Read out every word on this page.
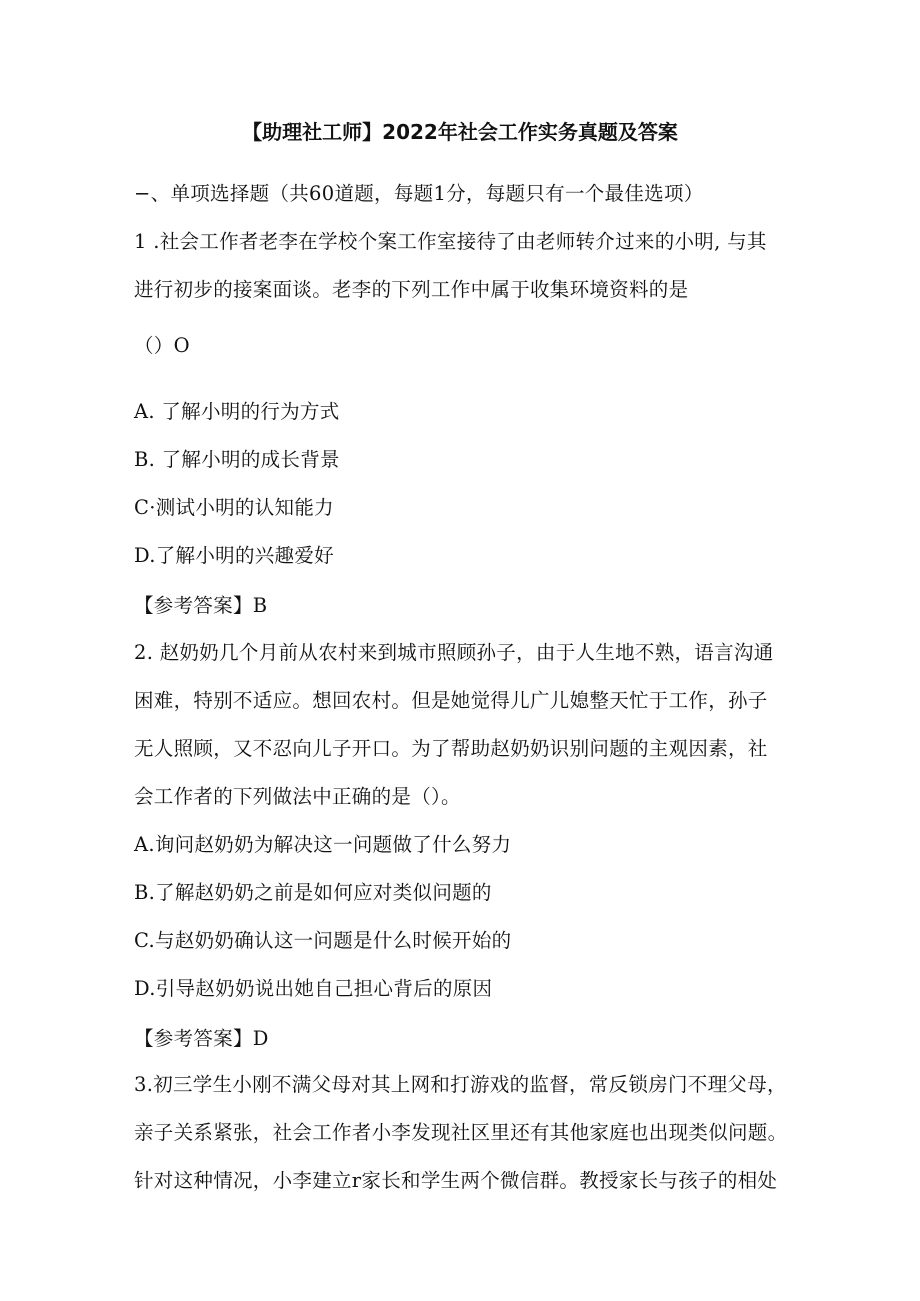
【助理社工师】2022年社会工作实务真题及答案
−、单项选择题（共60道题，每题1分，每题只有一个最佳选项）
1 .社会工作者老李在学校个案工作室接待了由老师转介过来的小明, 与其
进行初步的接案面谈。老李的下列工作中属于收集环境资料的是
（）O
A. 了解小明的行为方式
B. 了解小明的成长背景
C·测试小明的认知能力
D.了解小明的兴趣爱好
【参考答案】B
2. 赵奶奶几个月前从农村来到城市照顾孙子，由于人生地不熟，语言沟通
困难，特别不适应。想回农村。但是她觉得儿广儿媳整天忙于工作，孙子
无人照顾，又不忍向儿子开口。为了帮助赵奶奶识别问题的主观因素，社
会工作者的下列做法中正确的是（）。
A.询问赵奶奶为解决这一问题做了什么努力
B.了解赵奶奶之前是如何应对类似问题的
C.与赵奶奶确认这一问题是什么时候开始的
D.引导赵奶奶说出她自己担心背后的原因
【参考答案】D
3.初三学生小刚不满父母对其上网和打游戏的监督，常反锁房门不理父母，
亲子关系紧张，社会工作者小李发现社区里还有其他家庭也出现类似问题。
针对这种情况，小李建立r家长和学生两个微信群。教授家长与孩子的相处
